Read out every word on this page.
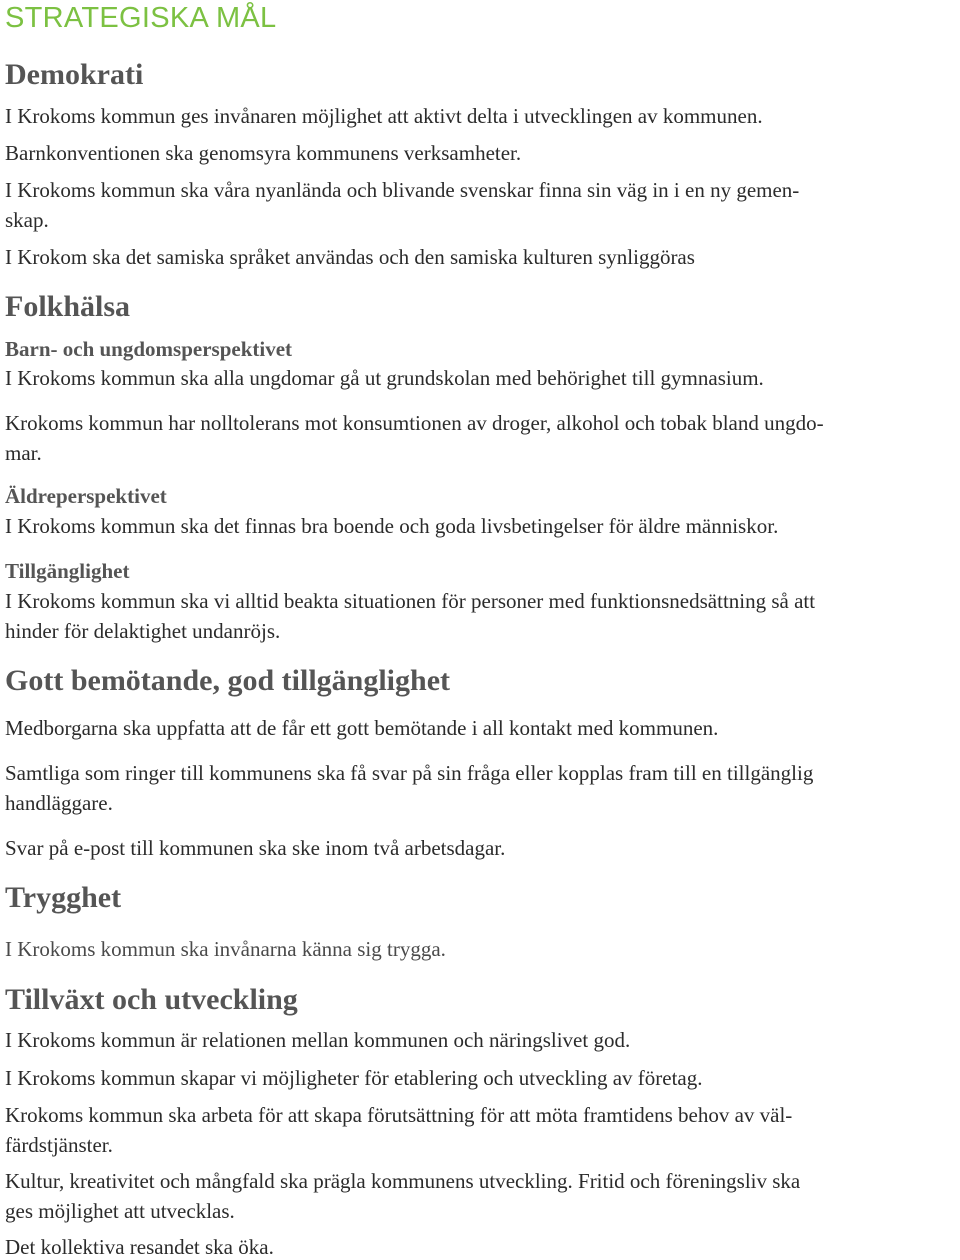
STRATEGISKA MÅL
Demokrati
I Krokoms kommun ges invånaren möjlighet att aktivt delta i utvecklingen av kommunen.
Barnkonventionen ska genomsyra kommunens verksamheter.
I Krokoms kommun ska våra nyanlända och blivande svenskar finna sin väg in i en ny gemen-
skap.
I Krokom ska det samiska språket användas och den samiska kulturen synliggöras
Folkhälsa
Barn- och ungdomsperspektivet
I Krokoms kommun ska alla ungdomar gå ut grundskolan med behörighet till gymnasium.
Krokoms kommun har nolltolerans mot konsumtionen av droger, alkohol och tobak bland ungdo-
mar.
Äldreperspektivet
I Krokoms kommun ska det finnas bra boende och goda livsbetingelser för äldre människor.
Tillgänglighet
I Krokoms kommun ska vi alltid beakta situationen för personer med funktionsnedsättning så att
hinder för delaktighet undanröjs.
Gott bemötande, god tillgänglighet
Medborgarna ska uppfatta att de får ett gott bemötande i all kontakt med kommunen.
Samtliga som ringer till kommunens ska få svar på sin fråga eller kopplas fram till en tillgänglig
handläggare.
Svar på e-post till kommunen ska ske inom två arbetsdagar.
Trygghet
I Krokoms kommun ska invånarna känna sig trygga.
Tillväxt och utveckling
I Krokoms kommun är relationen mellan kommunen och näringslivet god.
I Krokoms kommun skapar vi möjligheter för etablering och utveckling av företag.
Krokoms kommun ska arbeta för att skapa förutsättning för att möta framtidens behov av väl-
färdstjänster.
Kultur, kreativitet och mångfald ska prägla kommunens utveckling. Fritid och föreningsliv ska
ges möjlighet att utvecklas.
Det kollektiva resandet ska öka.
